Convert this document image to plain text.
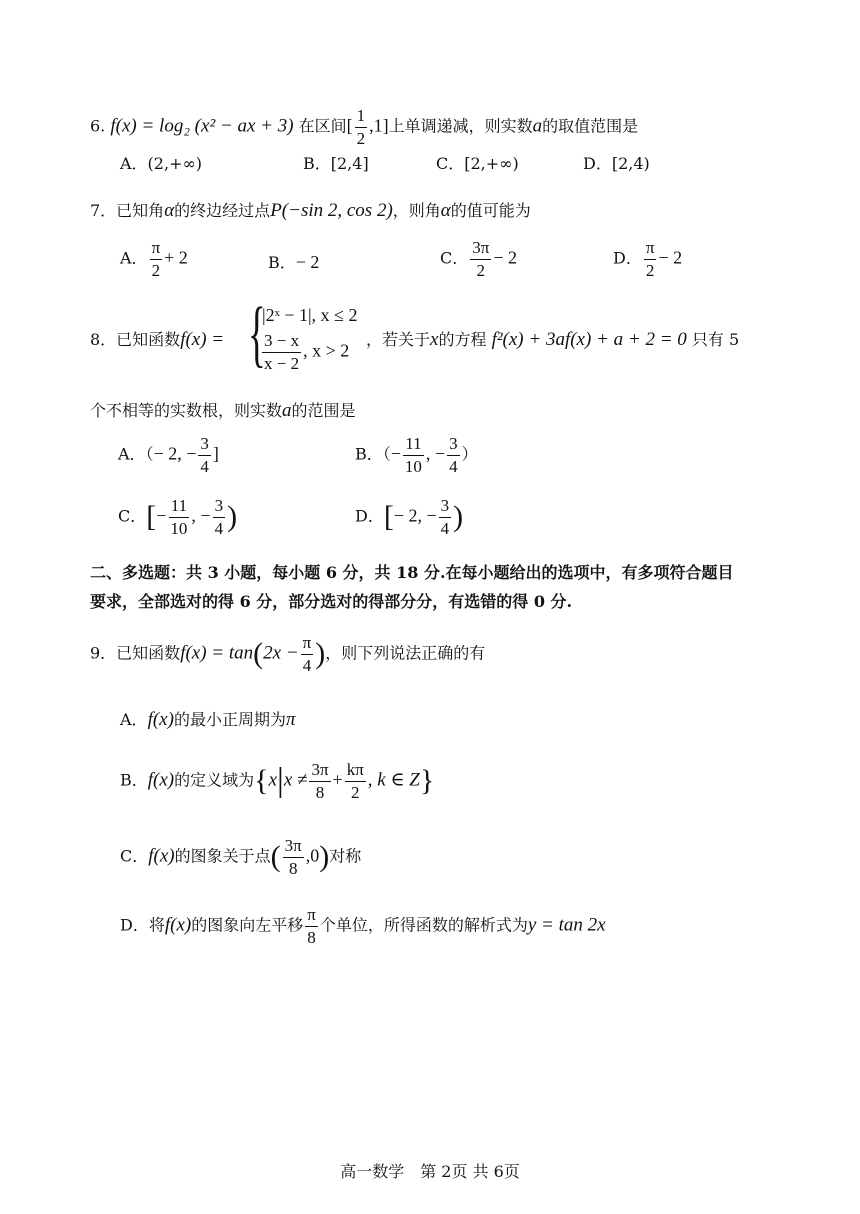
6. f(x) = log₂ (x² − ax + 3) 在区间[ $\frac{1}{2} ,1$]上单调递减，则实数a的取值范围是
A．(2,+∞)	B．[2,4]	C．[2,+∞)	D．[2,4)
7．已知角α的终边经过点P(−sin 2, cos 2)，则角α的值可能为
A． $\frac{\pi}{2} + 2$	B．− 2	C． $\frac{3\pi}{2} - 2$	D． $\frac{\pi}{2} - 2$
8．已知函数f(x) = {
|2ˣ − 1|, x ≤ 2
$\frac{3 - x}{x - 2}$ , x > 2
，若关于x的方程 f²(x) + 3af(x) + a + 2 = 0 只有 5
个不相等的实数根，则实数a的范围是
A．（− 2, − $\frac{3}{4}$ ]	B．（− $\frac{11}{10}$ , − $\frac{3}{4}$ ）
C．[− $\frac{11}{10}$ , − $\frac{3}{4}$ )	D．[− 2, − $\frac{3}{4}$ )
二、多选题：共 3 小题，每小题 6 分，共 18 分.在每小题给出的选项中，有多项符合题目
要求，全部选对的得 6 分，部分选对的得部分分，有选错的得 0 分.
9．已知函数$f(x) = \tan(2x - \frac{\pi}{4}$ )，则下列说法正确的有
A．f(x)的最小正周期为π
B．f(x)的定义域为{$x|x \ne \frac{3\pi}{8} + \frac{k\pi}{2}$ , k ∈ Z}
C．f(x)的图象关于点( $\frac{3\pi}{8} ,0$)对称
D．将f(x)的图象向左平移 $\frac{\pi}{8}$ 个单位，所得函数的解析式为y = tan 2x
高一数学　第 2页 共 6页
